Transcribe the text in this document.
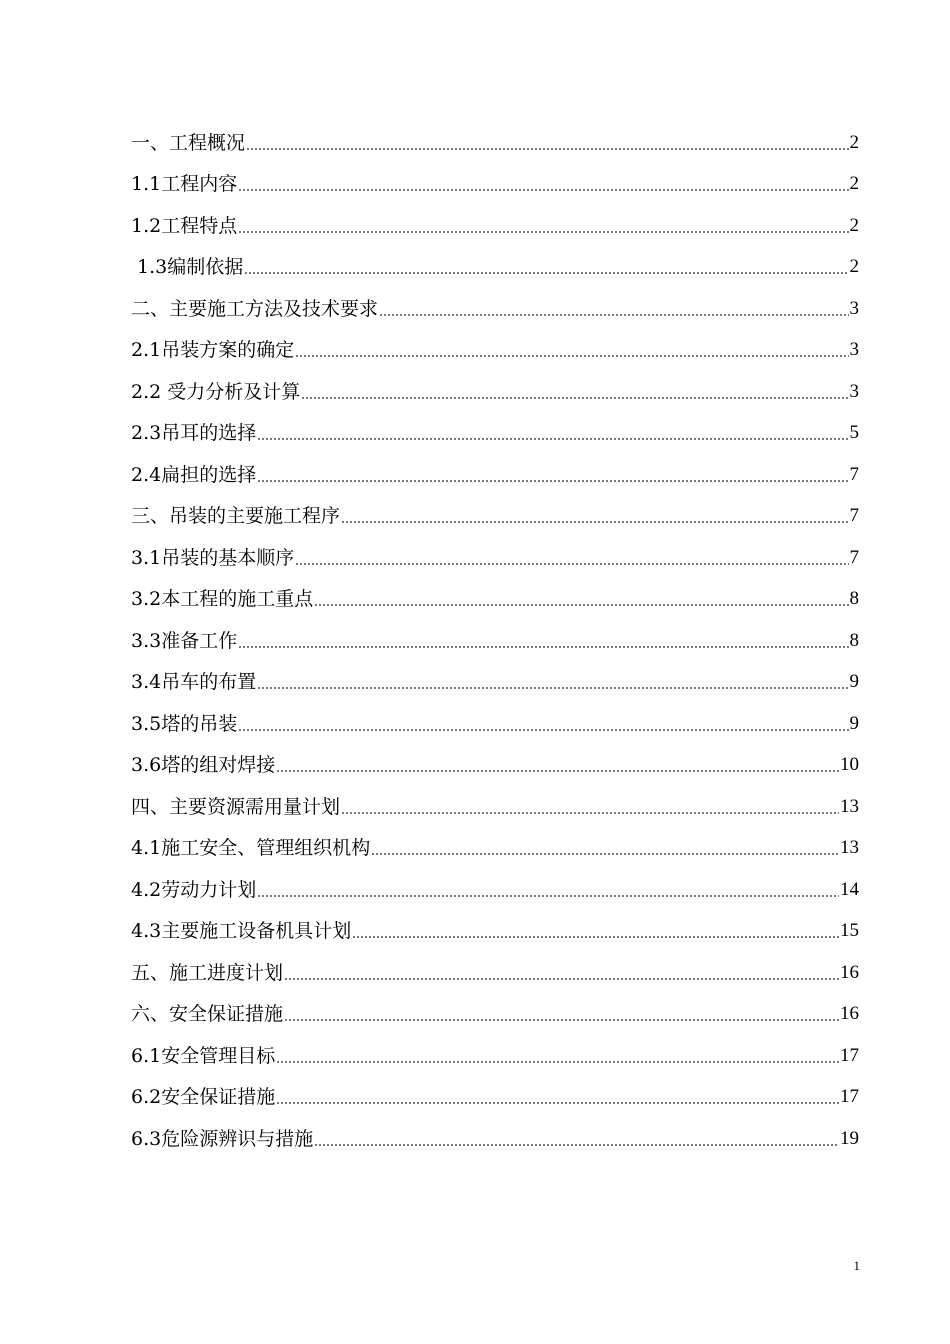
一、工程概况	2
1.1工程内容	2
1.2工程特点	2
1.3编制依据	2
二、主要施工方法及技术要求	3
2.1吊装方案的确定	3
2.2 受力分析及计算	3
2.3吊耳的选择	5
2.4扁担的选择	7
三、吊装的主要施工程序	7
3.1吊装的基本顺序	7
3.2本工程的施工重点	8
3.3准备工作	8
3.4吊车的布置	9
3.5塔的吊装	9
3.6塔的组对焊接	10
四、主要资源需用量计划	13
4.1施工安全、管理组织机构	13
4.2劳动力计划	14
4.3主要施工设备机具计划	15
五、施工进度计划	16
六、安全保证措施	16
6.1安全管理目标	17
6.2安全保证措施	17
6.3危险源辨识与措施	19
1
